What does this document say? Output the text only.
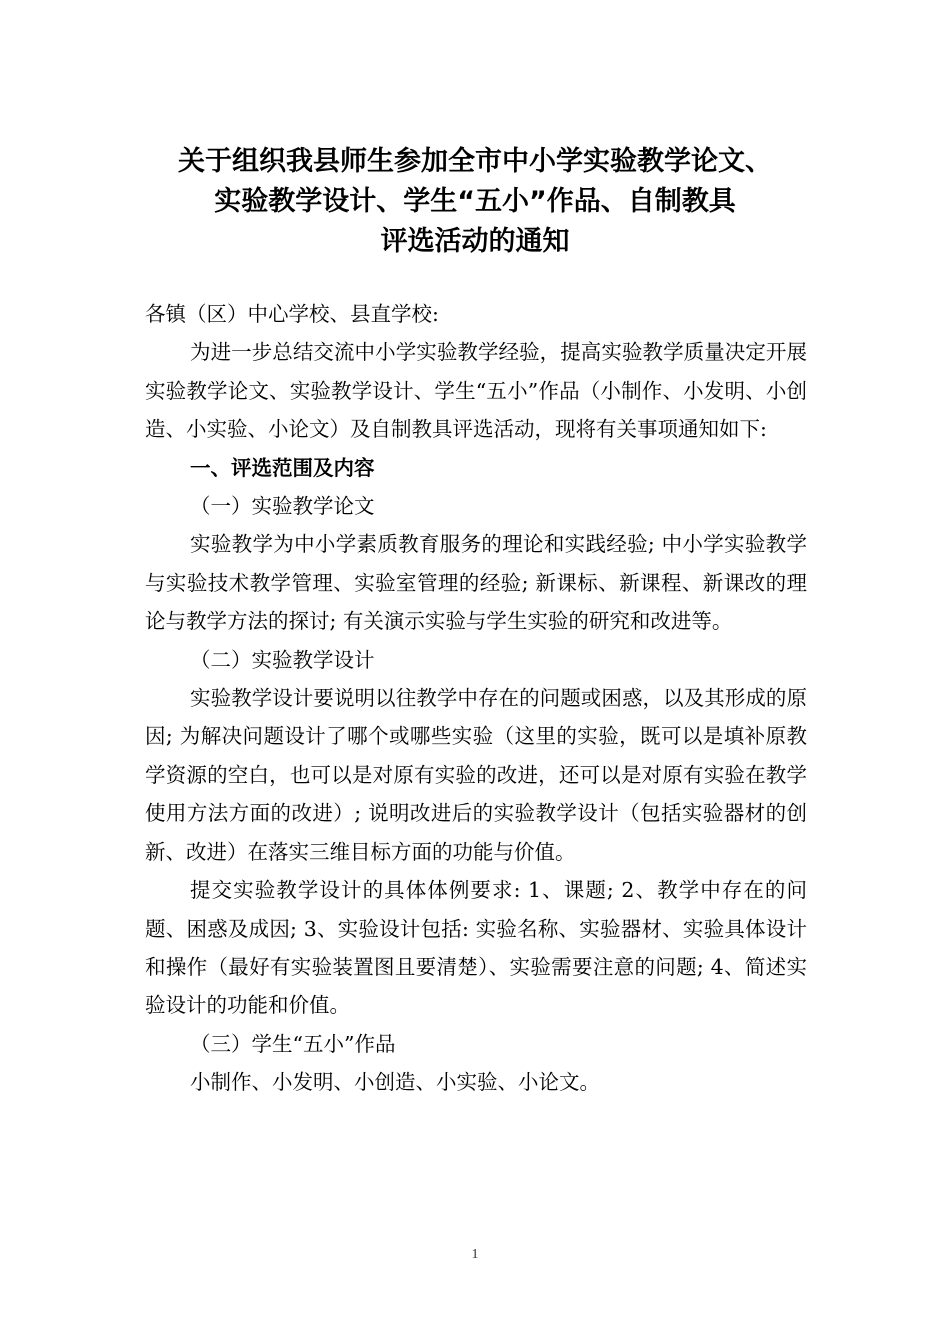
关于组织我县师生参加全市中小学实验教学论文、
实验教学设计、学生“五小”作品、自制教具
评选活动的通知

各镇（区）中心学校、县直学校:

为进一步总结交流中小学实验教学经验，提高实验教学质量决定开展实验教学论文、实验教学设计、学生“五小”作品（小制作、小发明、小创造、小实验、小论文）及自制教具评选活动，现将有关事项通知如下:

一、评选范围及内容

（一）实验教学论文

实验教学为中小学素质教育服务的理论和实践经验; 中小学实验教学与实验技术教学管理、实验室管理的经验; 新课标、新课程、新课改的理论与教学方法的探讨; 有关演示实验与学生实验的研究和改进等。

（二）实验教学设计

实验教学设计要说明以往教学中存在的问题或困惑，以及其形成的原因; 为解决问题设计了哪个或哪些实验（这里的实验，既可以是填补原教学资源的空白，也可以是对原有实验的改进，还可以是对原有实验在教学使用方法方面的改进）; 说明改进后的实验教学设计（包括实验器材的创新、改进）在落实三维目标方面的功能与价值。

提交实验教学设计的具体体例要求: 1、课题; 2、教学中存在的问题、困惑及成因; 3、实验设计包括: 实验名称、实验器材、实验具体设计和操作（最好有实验装置图且要清楚）、实验需要注意的问题; 4、简述实验设计的功能和价值。

（三）学生“五小”作品

小制作、小发明、小创造、小实验、小论文。

1
